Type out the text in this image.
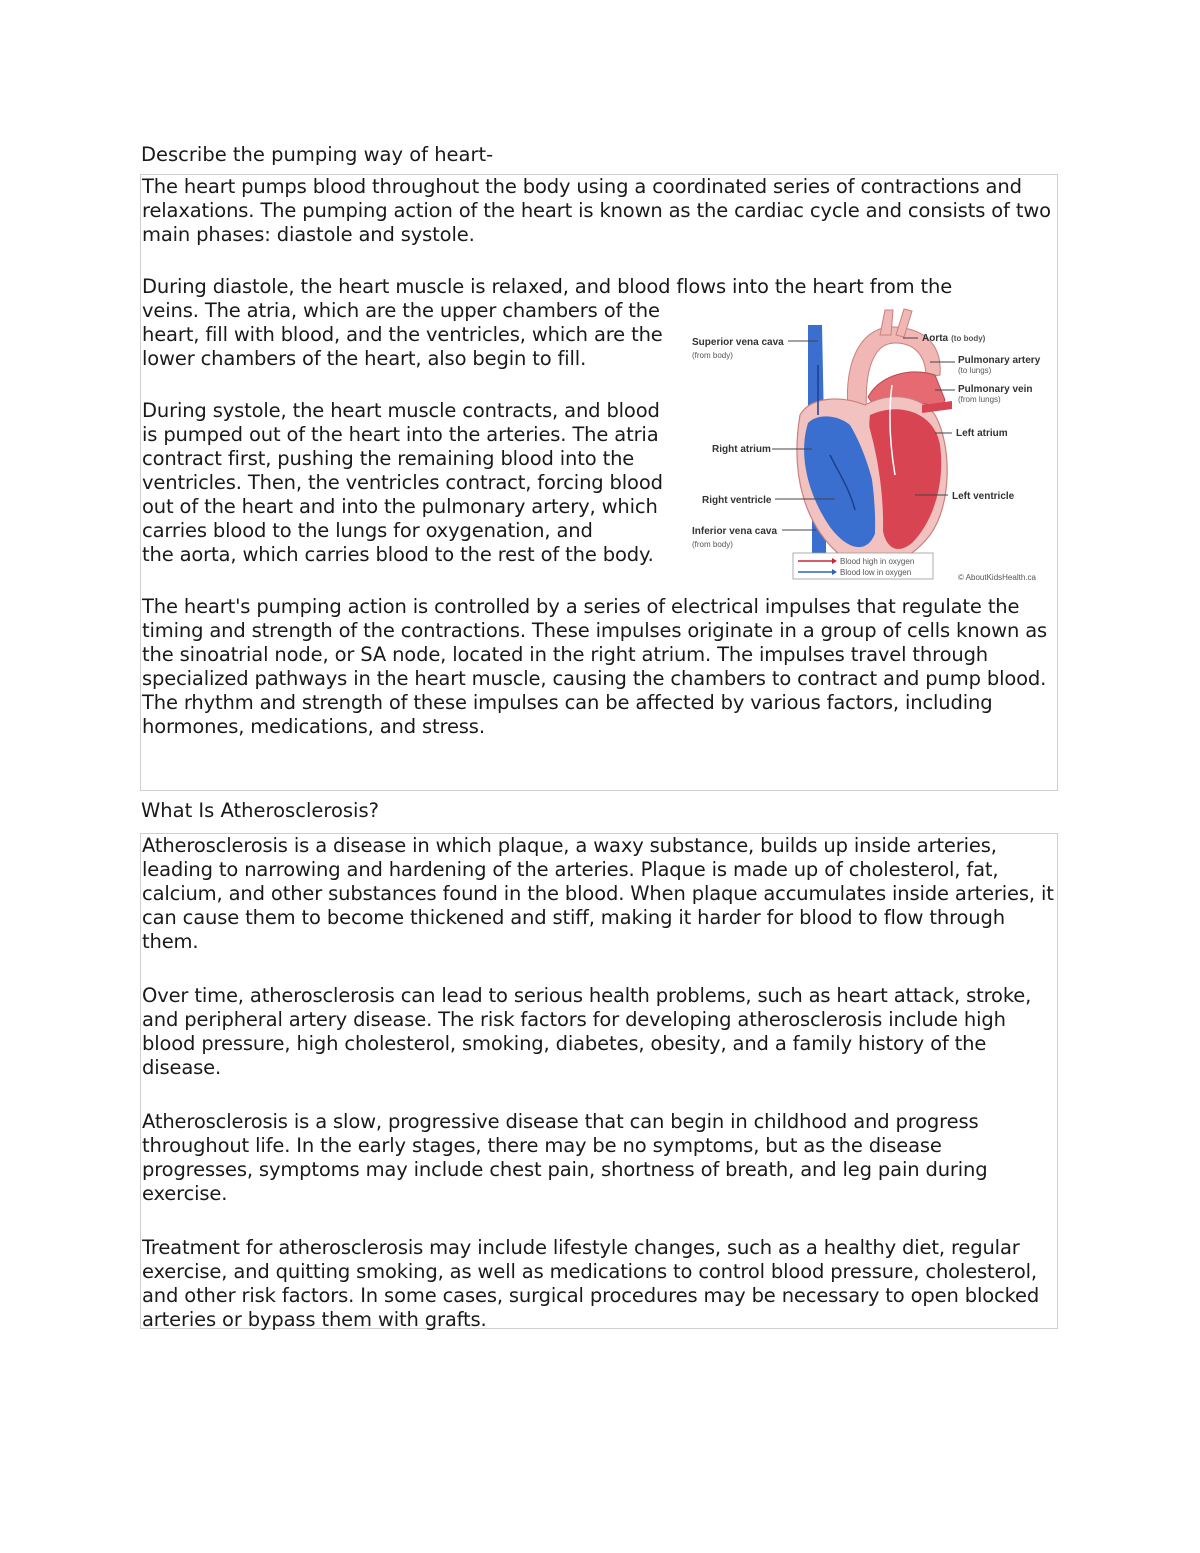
Describe the pumping way of heart-

The heart pumps blood throughout the body using a coordinated series of contractions and relaxations. The pumping action of the heart is known as the cardiac cycle and consists of two main phases: diastole and systole.

During diastole, the heart muscle is relaxed, and blood flows into the heart from the

veins. The atria, which are the upper chambers of the heart, fill with blood, and the ventricles, which are the lower chambers of the heart, also begin to fill.

During systole, the heart muscle contracts, and blood is pumped out of the heart into the arteries. The atria contract first, pushing the remaining blood into the ventricles. Then, the ventricles contract, forcing blood out of the heart and into the pulmonary artery, which carries blood to the lungs for oxygenation, and

the aorta, which carries blood to the rest of the body.

The heart's pumping action is controlled by a series of electrical impulses that regulate the timing and strength of the contractions. These impulses originate in a group of cells known as the sinoatrial node, or SA node, located in the right atrium. The impulses travel through specialized pathways in the heart muscle, causing the chambers to contract and pump blood. The rhythm and strength of these impulses can be affected by various factors, including hormones, medications, and stress.

Superior vena cava
(from body)
Aorta (to body)
Pulmonary artery
(to lungs)
Pulmonary vein
(from lungs)
Left atrium
Right atrium
Right ventricle	Left ventricle
Inferior vena cava
(from body)
Blood high in oxygen
Blood low in oxygen
© AboutKidsHealth.ca
What Is Atherosclerosis?

Atherosclerosis is a disease in which plaque, a waxy substance, builds up inside arteries, leading to narrowing and hardening of the arteries. Plaque is made up of cholesterol, fat, calcium, and other substances found in the blood. When plaque accumulates inside arteries, it can cause them to become thickened and stiff, making it harder for blood to flow through them.

Over time, atherosclerosis can lead to serious health problems, such as heart attack, stroke, and peripheral artery disease. The risk factors for developing atherosclerosis include high blood pressure, high cholesterol, smoking, diabetes, obesity, and a family history of the disease.

Atherosclerosis is a slow, progressive disease that can begin in childhood and progress throughout life. In the early stages, there may be no symptoms, but as the disease progresses, symptoms may include chest pain, shortness of breath, and leg pain during exercise.

Treatment for atherosclerosis may include lifestyle changes, such as a healthy diet, regular exercise, and quitting smoking, as well as medications to control blood pressure, cholesterol, and other risk factors. In some cases, surgical procedures may be necessary to open blocked arteries or bypass them with grafts.
